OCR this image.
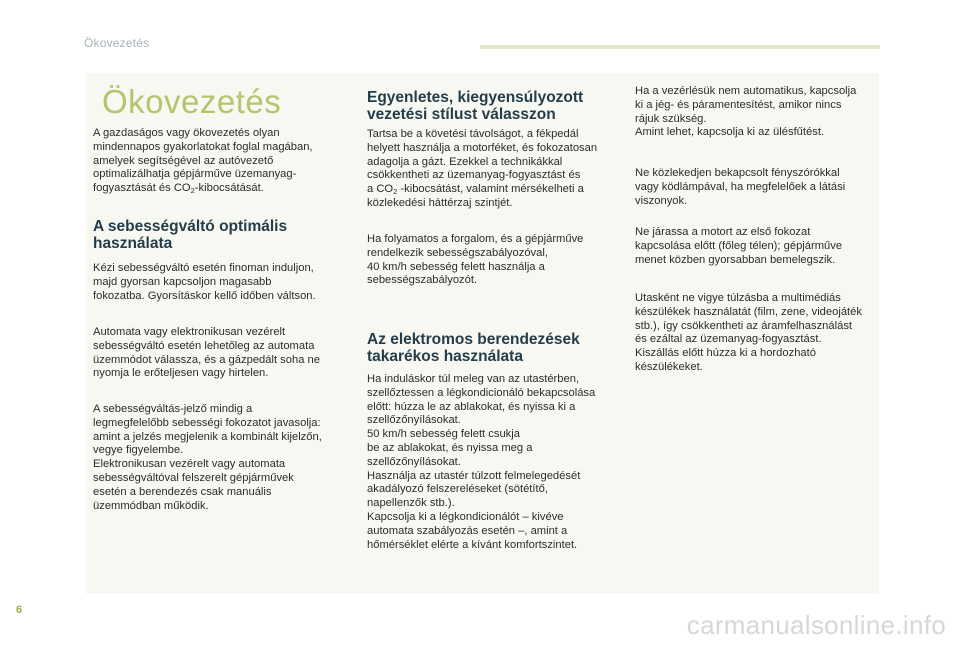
Ökovezetés
Ökovezetés

A gazdaságos vagy ökovezetés olyan
mindennapos gyakorlatokat foglal magában,
amelyek segítségével az autóvezető
optimalizálhatja gépjárműve üzemanyag-
fogyasztását és $CO_2$-kibocsátását.

A sebességváltó optimális
használata

Kézi sebességváltó esetén finoman induljon,
majd gyorsan kapcsoljon magasabb
fokozatba. Gyorsításkor kellő időben váltson.

Automata vagy elektronikusan vezérelt
sebességváltó esetén lehetőleg az automata
üzemmódot válassza, és a gázpedált soha ne
nyomja le erőteljesen vagy hirtelen.

A sebességváltás-jelző mindig a
legmegfelelőbb sebességi fokozatot javasolja:
amint a jelzés megjelenik a kombinált kijelzőn,
vegye figyelembe.
Elektronikusan vezérelt vagy automata
sebességváltóval felszerelt gépjárművek
esetén a berendezés csak manuális
üzemmódban működik.

Egyenletes, kiegyensúlyozott
vezetési stílust válasszon

Tartsa be a követési távolságot, a fékpedál
helyett használja a motorféket, és fokozatosan
adagolja a gázt. Ezekkel a technikákkal
csökkentheti az üzemanyag-fogyasztást és
a $CO_2$ -kibocsátást, valamint mérsékelheti a
közlekedési háttérzaj szintjét.

Ha folyamatos a forgalom, és a gépjárműve
rendelkezik sebességszabályozóval,
40 km/h sebesség felett használja a
sebességszabályozót.

Az elektromos berendezések
takarékos használata

Ha induláskor túl meleg van az utastérben,
szellőztessen a légkondicionáló bekapcsolása
előtt: húzza le az ablakokat, és nyissa ki a
szellőzőnyílásokat.
50 km/h sebesség felett csukja
be az ablakokat, és nyissa meg a
szellőzőnyílásokat.
Használja az utastér túlzott felmelegedését
akadályozó felszereléseket (sötétítő,
napellenzők stb.).
Kapcsolja ki a légkondicionálót – kivéve
automata szabályozás esetén –, amint a
hőmérséklet elérte a kívánt komfortszintet.

Ha a vezérlésük nem automatikus, kapcsolja
ki a jég- és páramentesítést, amikor nincs
rájuk szükség.
Amint lehet, kapcsolja ki az ülésfűtést.

Ne közlekedjen bekapcsolt fényszórókkal
vagy ködlámpával, ha megfelelőek a látási
viszonyok.

Ne járassa a motort az első fokozat
kapcsolása előtt (főleg télen); gépjárműve
menet közben gyorsabban bemelegszik.

Utasként ne vigye túlzásba a multimédiás
készülékek használatát (film, zene, videojáték
stb.), így csökkentheti az áramfelhasználást
és ezáltal az üzemanyag-fogyasztást.
Kiszállás előtt húzza ki a hordozható
készülékeket.

6	carmanualsonline.info
